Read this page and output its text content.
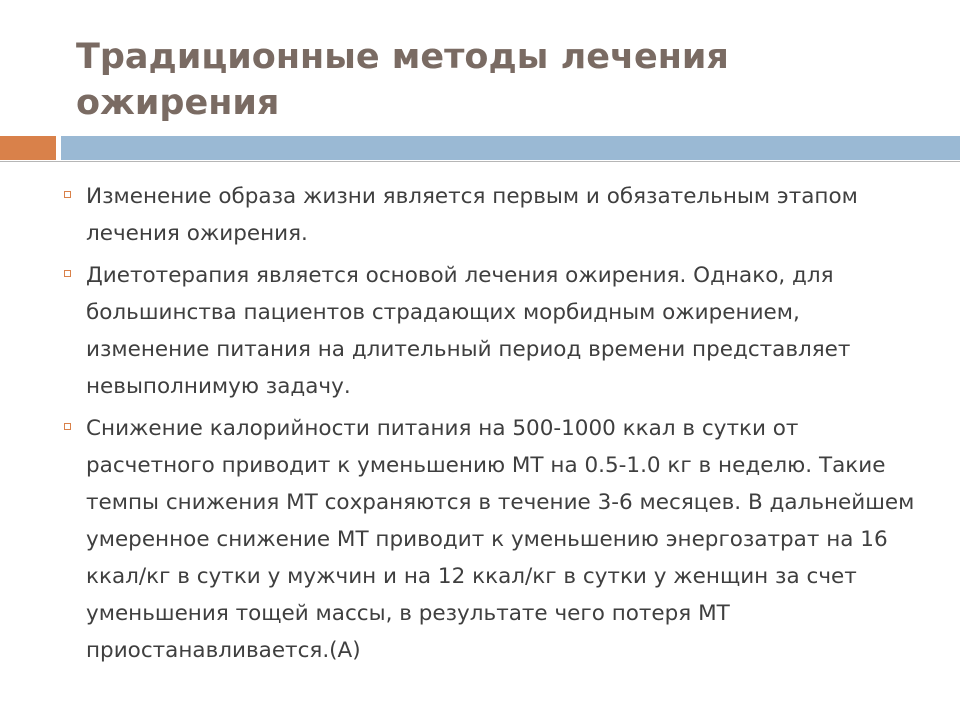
Традиционные методы лечения ожирения
Изменение образа жизни является первым и обязательным этапом лечения ожирения.
Диетотерапия является основой лечения ожирения. Однако, для большинства пациентов страдающих морбидным ожирением, изменение питания на длительный период времени представляет невыполнимую задачу.
Снижение калорийности питания на 500-1000 ккал в сутки от расчетного приводит к уменьшению МТ на 0.5-1.0 кг в неделю. Такие темпы снижения МТ сохраняются в течение 3-6 месяцев. В дальнейшем умеренное снижение МТ приводит к уменьшению энергозатрат на 16 ккал/кг в сутки у мужчин и на 12 ккал/кг в сутки у женщин за счет уменьшения тощей массы, в результате чего потеря МТ приостанавливается.(А)
